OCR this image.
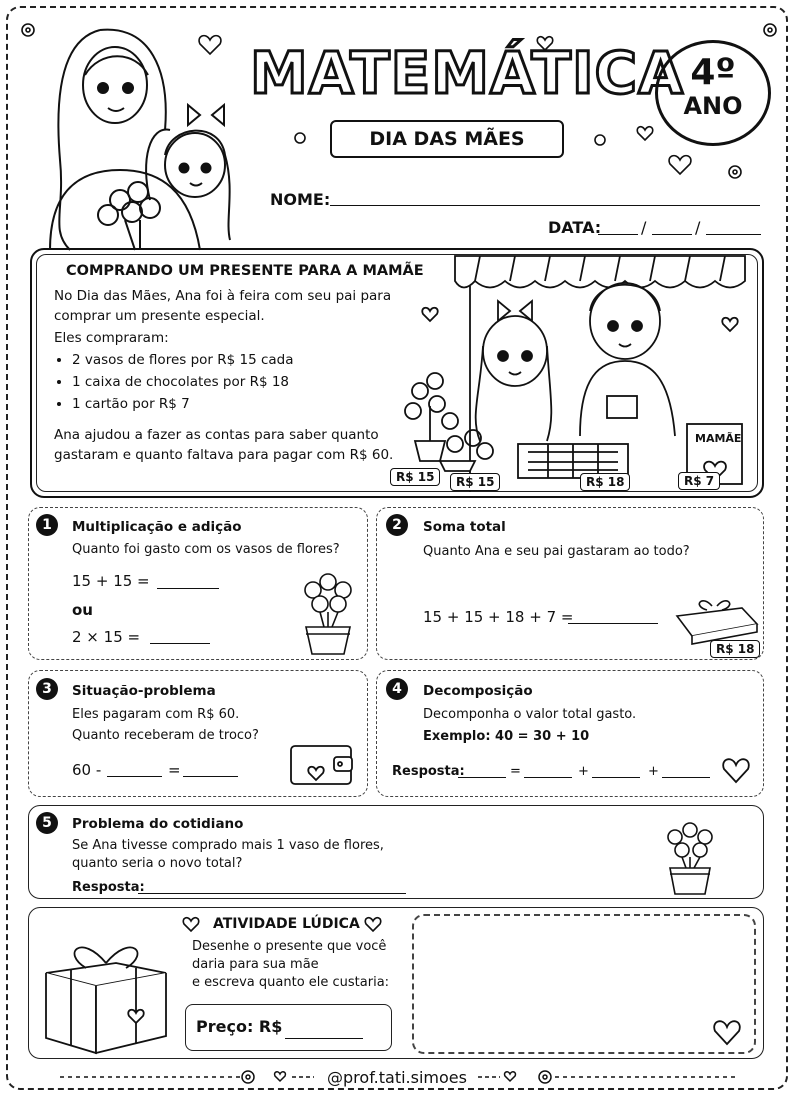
MATEMÁTICA
DIA DAS MÃES
4º
ANO
NOME:
DATA: /	/
COMPRANDO UM PRESENTE PARA A MAMÃE
No Dia das Mães, Ana foi à feira com seu pai para
comprar um presente especial.
Eles compraram:
• 2 vasos de flores por R$ 15 cada
• 1 caixa de chocolates por R$ 18
• 1 cartão por R$ 7
Ana ajudou a fazer as contas para saber quanto
gastaram e quanto faltava para pagar com R$ 60.
MAMÃE
R$ 15	R$ 15	R$ 18	R$ 7
1	Multiplicação e adição
Quanto foi gasto com os vasos de flores?
15 + 15 =
ou
2 × 15 =
2	Soma total
Quanto Ana e seu pai gastaram ao todo?
15 + 15 + 18 + 7 =
R$ 18
3	Situação-problema
Eles pagaram com R$ 60.
Quanto receberam de troco?
60 -	=
4	Decomposição
Decomponha o valor total gasto.
Exemplo: 40 = 30 + 10
Resposta:	=	+	+
5	Problema do cotidiano
Se Ana tivesse comprado mais 1 vaso de flores,
quanto seria o novo total?
Resposta:
ATIVIDADE LÚDICA
Desenhe o presente que você
daria para sua mãe
e escreva quanto ele custaria:
Preço: R$
@prof.tati.simoes
